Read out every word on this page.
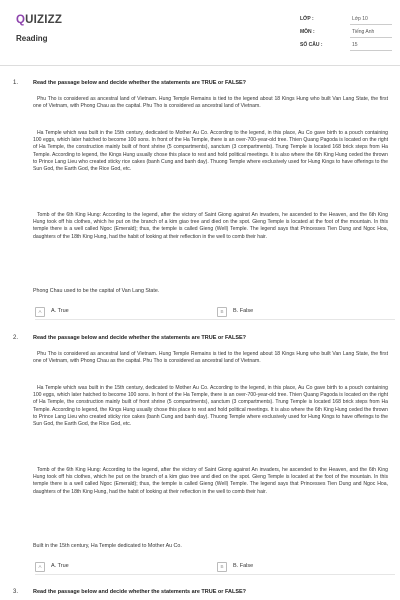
QUIZIZZ
Reading
LỚP :	Lớp 10
MÔN :	Tiếng Anh
SỐ CÂU :	15
1.	Read the passage below and decide whether the statements are TRUE or FALSE?

Phu Tho is considered as ancestral land of Vietnam. Hung Temple Remains is tied to the legend about 18 Kings Hung who built Van Lang State, the first one of Vietnam, with Phong Chau as the capital. Phu Tho is considered as ancestral land of Vietnam.

Ha Temple which was built in the 15th century, dedicated to Mother Au Co. According to the legend, in this place, Au Co gave birth to a pouch containing 100 eggs, which later hatched to become 100 sons. In front of the Ha Temple, there is an over-700-year-old tree. Thien Quang Pagoda is located on the right of Ha Temple, the construction mainly built of front shrine (5 compartments), sanctum (3 compartments). Trung Temple is located 168 brick steps from Ha Temple. According to legend, the Kings Hung usually chose this place to rest and hold political meetings. It is also where the 6th King Hung ceded the thrown to Prince Lang Lieu who created sticky rice cakes (banh Cung and banh day). Thuong Temple where exclusively used for Hung Kings to have offerings to the Sun God, the Earth God, the Rice God, etc.

Tomb of the 6th King Hung: According to the legend, after the victory of Saint Giong against An invaders, he ascended to the Heaven, and the 6th King Hung took off his clothes, which he put on the branch of a kim giao tree and died on the spot. Gieng Temple is located at the foot of the mountain. In this temple there is a well called Ngoc (Emerald); thus, the temple is called Gieng (Well) Temple. The legend says that Princesses Tien Dung and Ngoc Hoa, daughters of the 18th King Hung, had the habit of looking at their reflection in the well to comb their hair.

Phong Chau used to be the capital of Van Lang State.
A	A. True	B	B. False
2.	Read the passage below and decide whether the statements are TRUE or FALSE?

Phu Tho is considered as ancestral land of Vietnam. Hung Temple Remains is tied to the legend about 18 Kings Hung who built Van Lang State, the first one of Vietnam, with Phong Chau as the capital. Phu Tho is considered as ancestral land of Vietnam.

Ha Temple which was built in the 15th century, dedicated to Mother Au Co. According to the legend, in this place, Au Co gave birth to a pouch containing 100 eggs, which later hatched to become 100 sons. In front of the Ha Temple, there is an over-700-year-old tree. Thien Quang Pagoda is located on the right of Ha Temple, the construction mainly built of front shrine (5 compartments), sanctum (3 compartments). Trung Temple is located 168 brick steps from Ha Temple. According to legend, the Kings Hung usually chose this place to rest and hold political meetings. It is also where the 6th King Hung ceded the thrown to Prince Lang Lieu who created sticky rice cakes (banh Cung and banh day). Thuong Temple where exclusively used for Hung Kings to have offerings to the Sun God, the Earth God, the Rice God, etc.

Tomb of the 6th King Hung: According to the legend, after the victory of Saint Giong against An invaders, he ascended to the Heaven, and the 6th King Hung took off his clothes, which he put on the branch of a kim giao tree and died on the spot. Gieng Temple is located at the foot of the mountain. In this temple there is a well called Ngoc (Emerald); thus, the temple is called Gieng (Well) Temple. The legend says that Princesses Tien Dung and Ngoc Hoa, daughters of the 18th King Hung, had the habit of looking at their reflection in the well to comb their hair.

Built in the 15th century, Ha Temple dedicated to Mother Au Co.
A	A. True	B	B. False
3.	Read the passage below and decide whether the statements are TRUE or FALSE?
